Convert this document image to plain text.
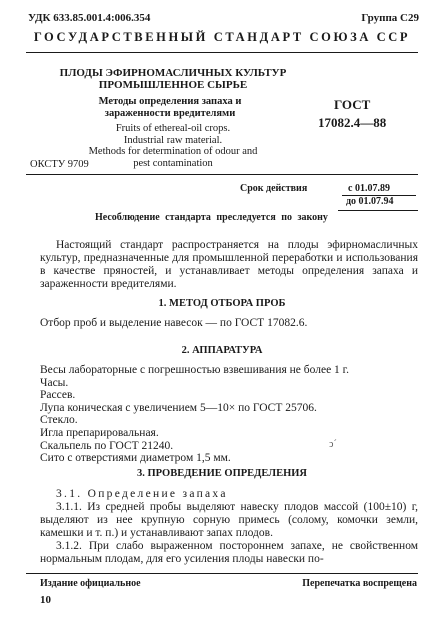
УДК 633.85.001.4:006.354	Группа С29
ГОСУДАРСТВЕННЫЙ СТАНДАРТ СОЮЗА ССР
ПЛОДЫ ЭФИРНОМАСЛИЧНЫХ КУЛЬТУР
ПРОМЫШЛЕННОЕ СЫРЬЕ
Методы определения запаха и
зараженности вредителями
Fruits of ethereal-oil crops.
Industrial raw material.
Methods for determination of odour and
pest contamination
ГОСТ
17082.4—88
ОКСТУ 9709
Срок действия	с 01.07.89
до 01.07.94
Несоблюдение стандарта преследуется по закону
Настоящий стандарт распространяется на плоды эфирномасличных культур, предназначенные для промышленной переработки и использования в качестве пряностей, и устанавливает методы определения запаха и зараженности вредителями.
1. МЕТОД ОТБОРА ПРОБ
Отбор проб и выделение навесок — по ГОСТ 17082.6.
2. АППАРАТУРА
Весы лабораторные с погрешностью взвешивания не более 1 г.
Часы.
Рассев.
Лупа коническая с увеличением 5—10× по ГОСТ 25706.
Стекло.
Игла препарировальная.
Скальпель по ГОСТ 21240.
Сито с отверстиями диаметром 1,5 мм.
3. ПРОВЕДЕНИЕ ОПРЕДЕЛЕНИЯ
ↄ´
3.1. Определение запаха
3.1.1. Из средней пробы выделяют навеску плодов массой (100±10) г, выделяют из нее крупную сорную примесь (солому, комочки земли, камешки и т. п.) и устанавливают запах плодов.
3.1.2. При слабо выраженном постороннем запахе, не свойственном нормальным плодам, для его усиления плоды навески по-
Издание официальное	Перепечатка воспрещена
10
